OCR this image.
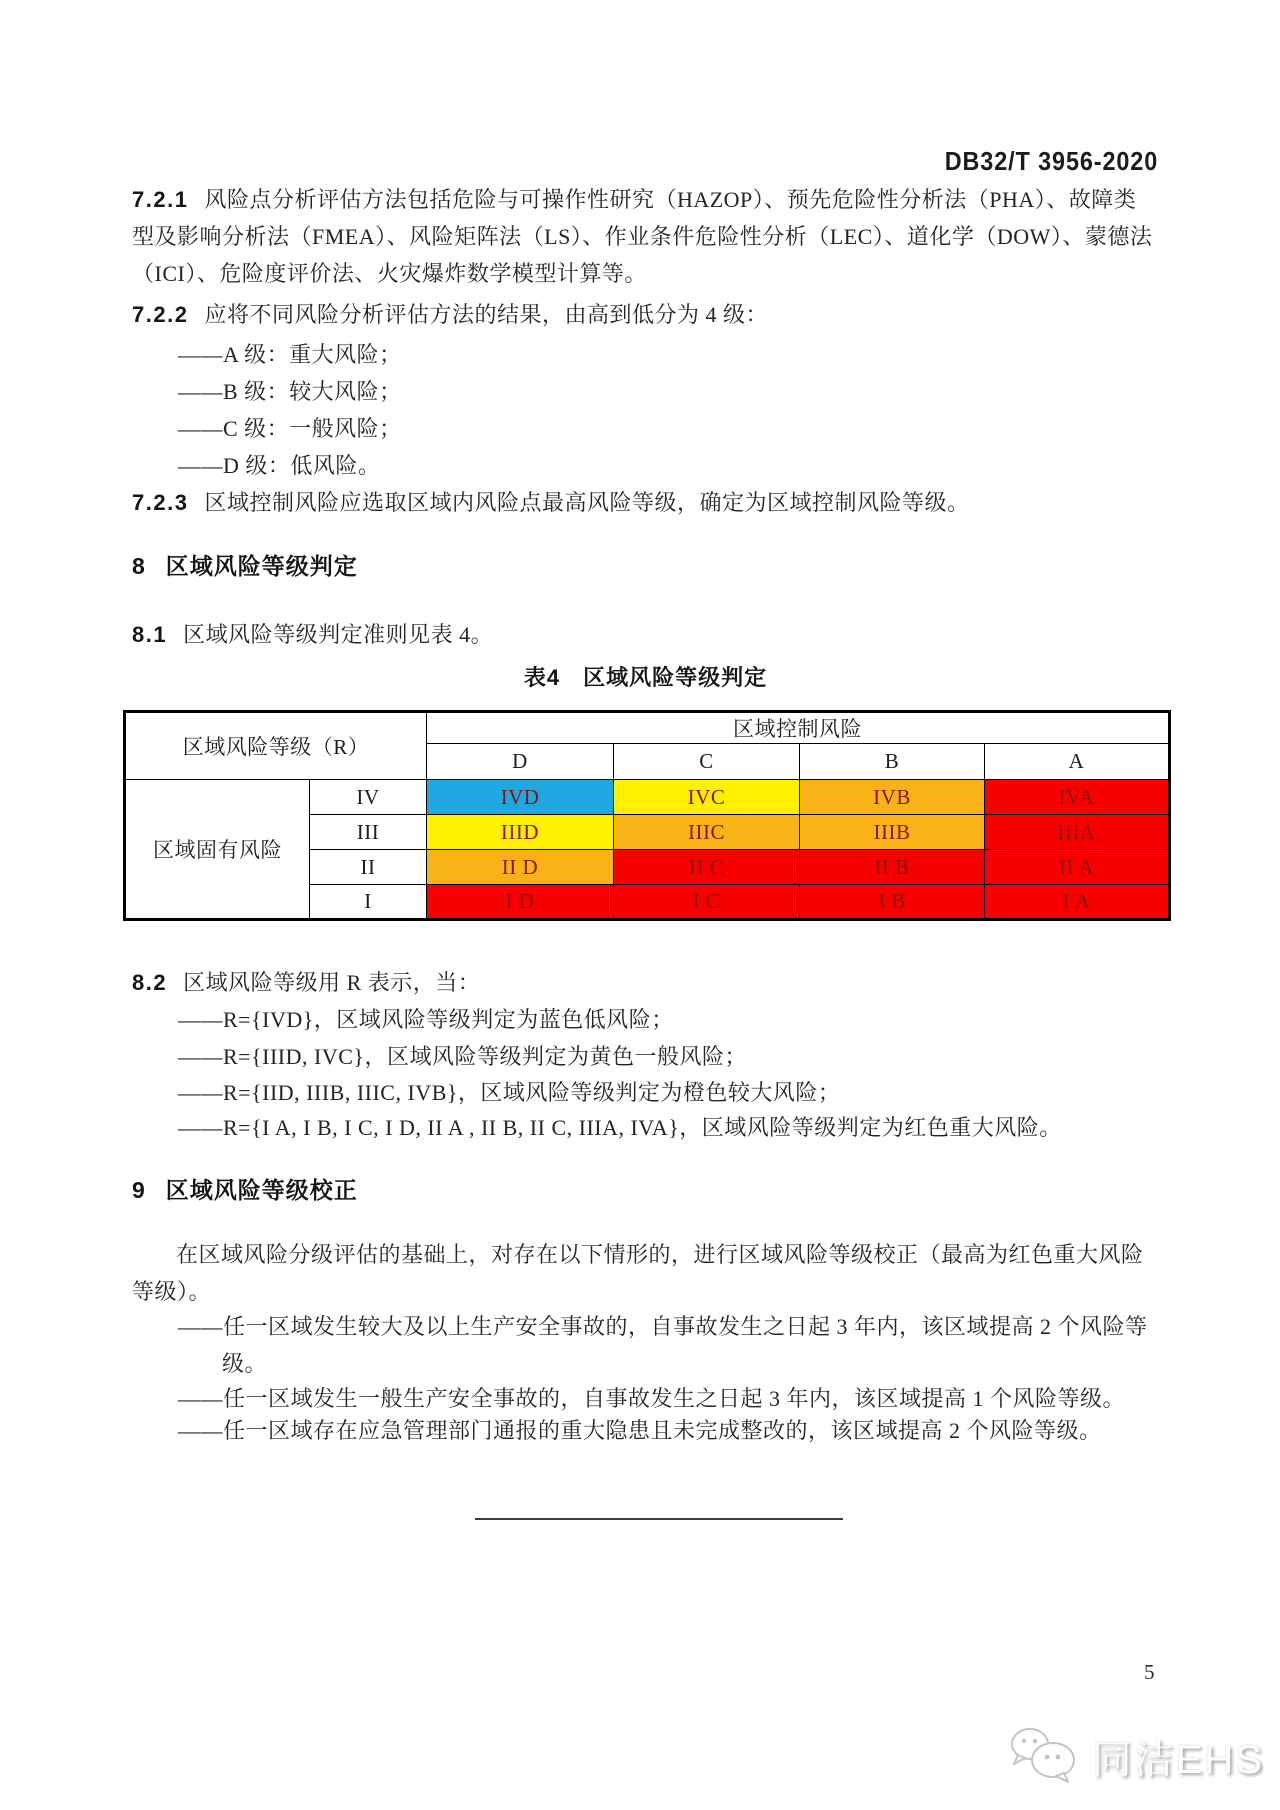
DB32/T 3956-2020
7.2.1 风险点分析评估方法包括危险与可操作性研究（HAZOP）、预先危险性分析法（PHA）、故障类
型及影响分析法（FMEA）、风险矩阵法（LS）、作业条件危险性分析（LEC）、道化学（DOW）、蒙德法
（ICI）、危险度评价法、火灾爆炸数学模型计算等。
7.2.2 应将不同风险分析评估方法的结果，由高到低分为 4 级：
——A 级：重大风险；
——B 级：较大风险；
——C 级：一般风险；
——D 级：低风险。
7.2.3 区域控制风险应选取区域内风险点最高风险等级，确定为区域控制风险等级。
8 区域风险等级判定
8.1 区域风险等级判定准则见表 4。
表4　区域风险等级判定
区域风险等级（R）		区域控制风险			
		D	C	B	A
区域固有风险	IV	IVD	IVC	IVB	IVA
	III	IIID	IIIC	IIIB	IIIA
	II	II D	II C	II B	II A
	I	I D	I C	I B	I A
8.2 区域风险等级用 R 表示，当：
——R={IVD}，区域风险等级判定为蓝色低风险；
——R={IIID, IVC}，区域风险等级判定为黄色一般风险；
——R={IID, IIIB, IIIC, IVB}，区域风险等级判定为橙色较大风险；
——R={I A, I B, I C, I D, II A , II B, II C, IIIA, IVA}，区域风险等级判定为红色重大风险。
9 区域风险等级校正
在区域风险分级评估的基础上，对存在以下情形的，进行区域风险等级校正（最高为红色重大风险
等级）。
——任一区域发生较大及以上生产安全事故的，自事故发生之日起 3 年内，该区域提高 2 个风险等
级。
——任一区域发生一般生产安全事故的，自事故发生之日起 3 年内，该区域提高 1 个风险等级。
——任一区域存在应急管理部门通报的重大隐患且未完成整改的，该区域提高 2 个风险等级。
5
同洁EHS
